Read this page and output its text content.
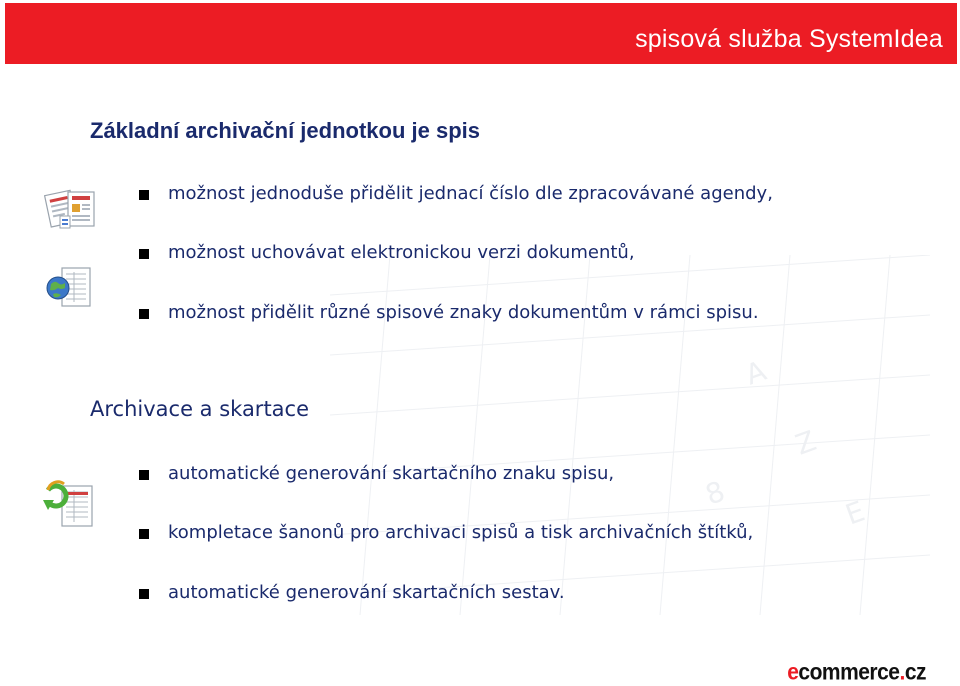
spisová služba SystemIdea
A
Z
8
E
Základní archivační jednotkou je spis
možnost jednoduše přidělit jednací číslo dle zpracovávané agendy,
možnost uchovávat elektronickou verzi dokumentů,
možnost přidělit různé spisové znaky dokumentům v rámci spisu.
Archivace a skartace
automatické generování skartačního znaku spisu,
kompletace šanonů pro archivaci spisů a tisk archivačních štítků,
automatické generování skartačních sestav.
ecommerce.cz
